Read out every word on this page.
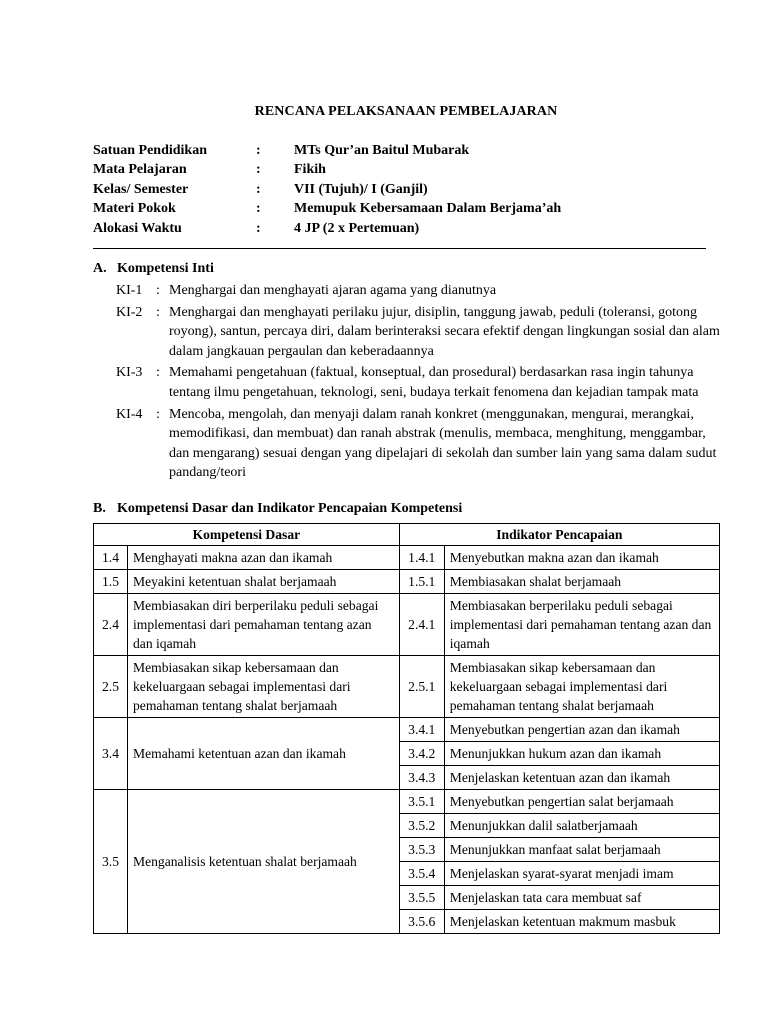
RENCANA PELAKSANAAN PEMBELAJARAN
Satuan Pendidikan	: MTs Qur’an Baitul Mubarak
Mata Pelajaran	: Fikih
Kelas/ Semester	: VII (Tujuh)/ I (Ganjil)
Materi Pokok	: Memupuk Kebersamaan Dalam Berjama’ah
Alokasi Waktu	: 4 JP (2 x Pertemuan)
A. Kompetensi Inti
KI-1 : Menghargai dan menghayati ajaran agama yang dianutnya
KI-2 : Menghargai dan menghayati perilaku jujur, disiplin, tanggung jawab, peduli (toleransi, gotong royong), santun, percaya diri, dalam berinteraksi secara efektif dengan lingkungan sosial dan alam dalam jangkauan pergaulan dan keberadaannya
KI-3 : Memahami pengetahuan (faktual, konseptual, dan prosedural) berdasarkan rasa ingin tahunya tentang ilmu pengetahuan, teknologi, seni, budaya terkait fenomena dan kejadian tampak mata
KI-4 : Mencoba, mengolah, dan menyaji dalam ranah konkret (menggunakan, mengurai, merangkai, memodifikasi, dan membuat) dan ranah abstrak (menulis, membaca, menghitung, menggambar, dan mengarang) sesuai dengan yang dipelajari di sekolah dan sumber lain yang sama dalam sudut pandang/teori
B. Kompetensi Dasar dan Indikator Pencapaian Kompetensi
Kompetensi Dasar		Indikator Pencapaian	
1.4	Menghayati makna azan dan ikamah	1.4.1	Menyebutkan makna azan dan ikamah
1.5	Meyakini ketentuan shalat berjamaah	1.5.1	Membiasakan shalat berjamaah
2.4	Membiasakan diri berperilaku peduli sebagai implementasi dari pemahaman tentang azan dan iqamah	2.4.1	Membiasakan berperilaku peduli sebagai implementasi dari pemahaman tentang azan dan iqamah
2.5	Membiasakan sikap kebersamaan dan kekeluargaan sebagai implementasi dari pemahaman tentang shalat berjamaah	2.5.1	Membiasakan sikap kebersamaan dan kekeluargaan sebagai implementasi dari pemahaman tentang shalat berjamaah
3.4	Memahami ketentuan azan dan ikamah	3.4.1	Menyebutkan pengertian azan dan ikamah
		3.4.2	Menunjukkan hukum azan dan ikamah
		3.4.3	Menjelaskan ketentuan azan dan ikamah
3.5	Menganalisis ketentuan shalat berjamaah	3.5.1	Menyebutkan pengertian salat berjamaah
		3.5.2	Menunjukkan dalil salatberjamaah
		3.5.3	Menunjukkan manfaat salat berjamaah
		3.5.4	Menjelaskan syarat-syarat menjadi imam
		3.5.5	Menjelaskan tata cara membuat saf
		3.5.6	Menjelaskan ketentuan makmum masbuk
